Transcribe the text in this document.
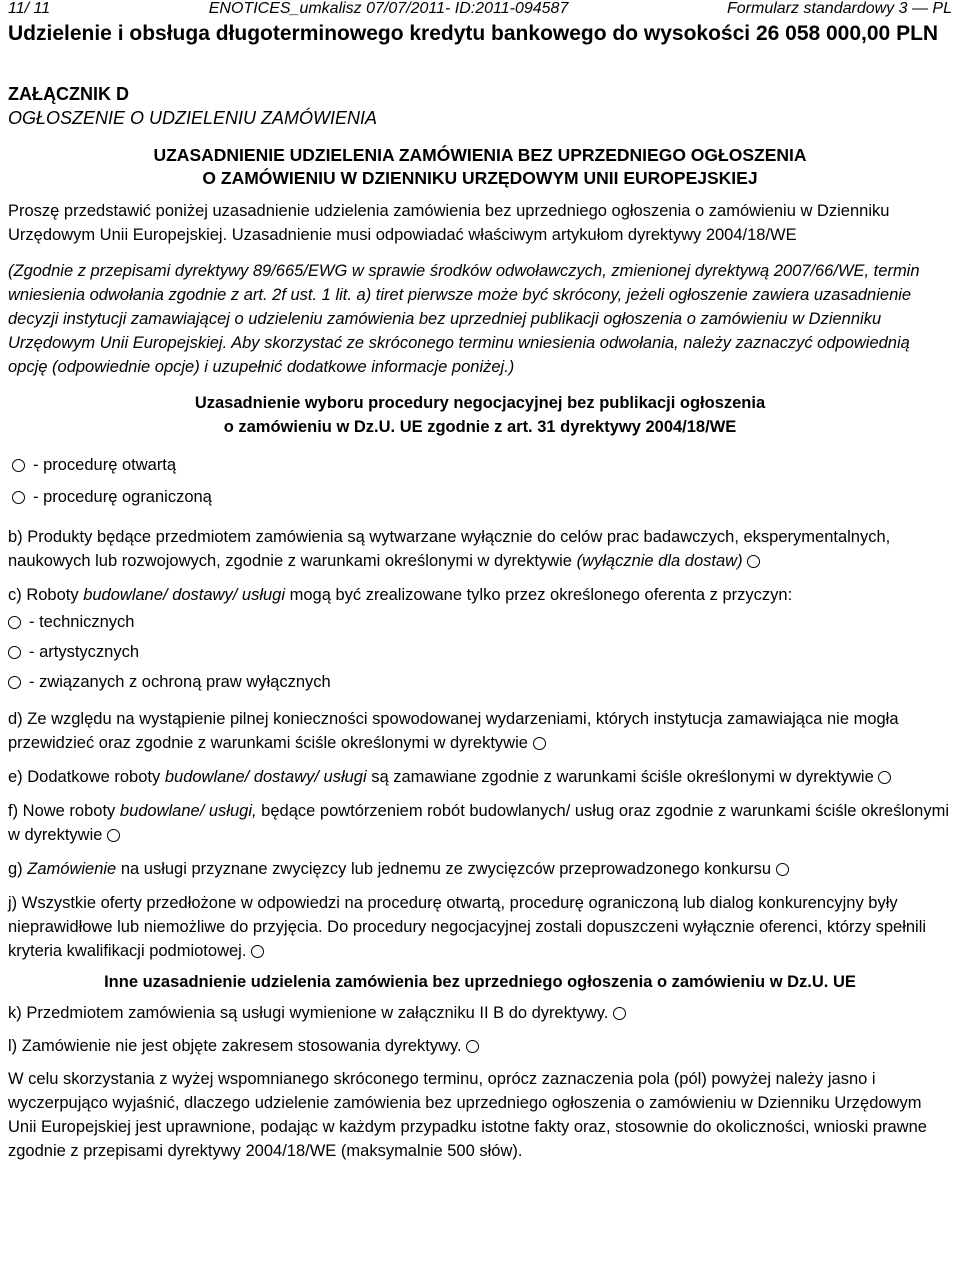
11/ 11	ENOTICES_umkalisz 07/07/2011- ID:2011-094587	Formularz standardowy 3 — PL
Udzielenie i obsługa długoterminowego kredytu bankowego do wysokości 26 058 000,00 PLN
ZAŁĄCZNIK D
OGŁOSZENIE O UDZIELENIU ZAMÓWIENIA
UZASADNIENIE UDZIELENIA ZAMÓWIENIA BEZ UPRZEDNIEGO OGŁOSZENIA
O ZAMÓWIENIU W DZIENNIKU URZĘDOWYM UNII EUROPEJSKIEJ
Proszę przedstawić poniżej uzasadnienie udzielenia zamówienia bez uprzedniego ogłoszenia o zamówieniu w Dzienniku Urzędowym Unii Europejskiej. Uzasadnienie musi odpowiadać właściwym artykułom dyrektywy 2004/18/WE
(Zgodnie z przepisami dyrektywy 89/665/EWG w sprawie środków odwoławczych, zmienionej dyrektywą 2007/66/WE, termin wniesienia odwołania zgodnie z art. 2f ust. 1 lit. a) tiret pierwsze może być skrócony, jeżeli ogłoszenie zawiera uzasadnienie decyzji instytucji zamawiającej o udzieleniu zamówienia bez uprzedniej publikacji ogłoszenia o zamówieniu w Dzienniku Urzędowym Unii Europejskiej. Aby skorzystać ze skróconego terminu wniesienia odwołania, należy zaznaczyć odpowiednią opcję (odpowiednie opcje) i uzupełnić dodatkowe informacje poniżej.)
Uzasadnienie wyboru procedury negocjacyjnej bez publikacji ogłoszenia
o zamówieniu w Dz.U. UE zgodnie z art. 31 dyrektywy 2004/18/WE
- procedurę otwartą
- procedurę ograniczoną
b) Produkty będące przedmiotem zamówienia są wytwarzane wyłącznie do celów prac badawczych, eksperymentalnych, naukowych lub rozwojowych, zgodnie z warunkami określonymi w dyrektywie (wyłącznie dla dostaw)
c) Roboty budowlane/ dostawy/ usługi mogą być zrealizowane tylko przez określonego oferenta z przyczyn:
- technicznych
- artystycznych
- związanych z ochroną praw wyłącznych
d) Ze względu na wystąpienie pilnej konieczności spowodowanej wydarzeniami, których instytucja zamawiająca nie mogła przewidzieć oraz zgodnie z warunkami ściśle określonymi w dyrektywie
e) Dodatkowe roboty budowlane/ dostawy/ usługi są zamawiane zgodnie z warunkami ściśle określonymi w dyrektywie
f) Nowe roboty budowlane/ usługi, będące powtórzeniem robót budowlanych/ usług oraz zgodnie z warunkami ściśle określonymi w dyrektywie
g) Zamówienie na usługi przyznane zwycięzcy lub jednemu ze zwycięzców przeprowadzonego konkursu
j) Wszystkie oferty przedłożone w odpowiedzi na procedurę otwartą, procedurę ograniczoną lub dialog konkurencyjny były nieprawidłowe lub niemożliwe do przyjęcia. Do procedury negocjacyjnej zostali dopuszczeni wyłącznie oferenci, którzy spełnili kryteria kwalifikacji podmiotowej.
Inne uzasadnienie udzielenia zamówienia bez uprzedniego ogłoszenia o zamówieniu w Dz.U. UE
k) Przedmiotem zamówienia są usługi wymienione w załączniku II B do dyrektywy.
l) Zamówienie nie jest objęte zakresem stosowania dyrektywy.
W celu skorzystania z wyżej wspomnianego skróconego terminu, oprócz zaznaczenia pola (pól) powyżej należy jasno i wyczerpująco wyjaśnić, dlaczego udzielenie zamówienia bez uprzedniego ogłoszenia o zamówieniu w Dzienniku Urzędowym Unii Europejskiej jest uprawnione, podając w każdym przypadku istotne fakty oraz, stosownie do okoliczności, wnioski prawne zgodnie z przepisami dyrektywy 2004/18/WE (maksymalnie 500 słów).
